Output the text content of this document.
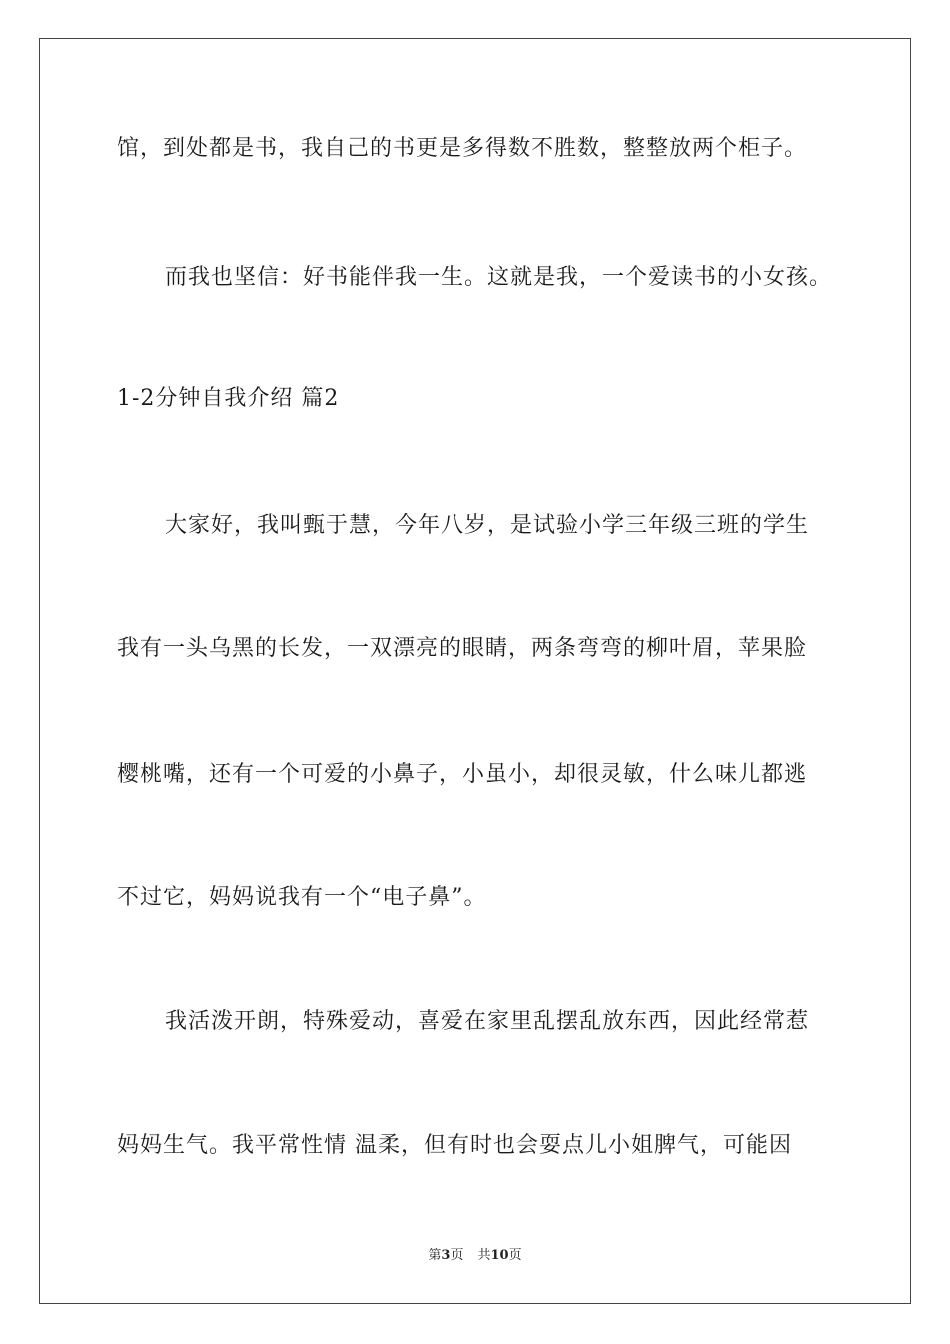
馆，到处都是书，我自己的书更是多得数不胜数，整整放两个柜子。
而我也坚信：好书能伴我一生。这就是我，一个爱读书的小女孩。
1-2分钟自我介绍 篇2
大家好，我叫甄于慧，今年八岁，是试验小学三年级三班的学生
我有一头乌黑的长发，一双漂亮的眼睛，两条弯弯的柳叶眉，苹果脸
樱桃嘴，还有一个可爱的小鼻子，小虽小，却很灵敏，什么味儿都逃
不过它，妈妈说我有一个“电子鼻”。
我活泼开朗，特殊爱动，喜爱在家里乱摆乱放东西，因此经常惹
妈妈生气。我平常性情 温柔，但有时也会耍点儿小姐脾气，可能因
第3页 共10页
